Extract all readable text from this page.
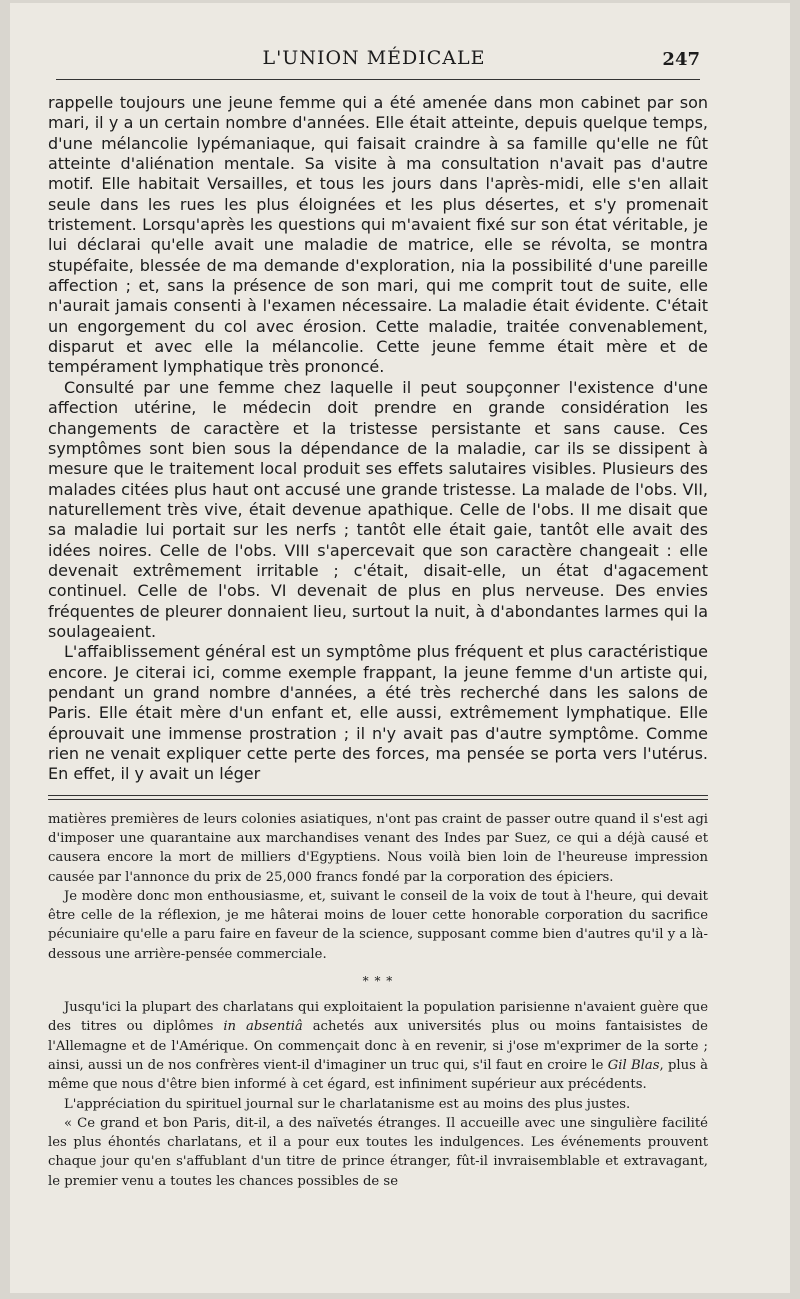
L'UNION MÉDICALE	247

rappelle toujours une jeune femme qui a été amenée dans mon cabinet par son mari, il y a un certain nombre d'années. Elle était atteinte, depuis quelque temps, d'une mélancolie lypémaniaque, qui faisait craindre à sa famille qu'elle ne fût atteinte d'aliénation mentale. Sa visite à ma consultation n'avait pas d'autre motif. Elle habitait Versailles, et tous les jours dans l'après-midi, elle s'en allait seule dans les rues les plus éloignées et les plus désertes, et s'y promenait tristement. Lorsqu'après les questions qui m'avaient fixé sur son état véritable, je lui déclarai qu'elle avait une maladie de matrice, elle se révolta, se montra stupéfaite, blessée de ma demande d'exploration, nia la possibilité d'une pareille affection ; et, sans la présence de son mari, qui me comprit tout de suite, elle n'aurait jamais consenti à l'examen nécessaire. La maladie était évidente. C'était un engorgement du col avec érosion. Cette maladie, traitée convenablement, disparut et avec elle la mélancolie. Cette jeune femme était mère et de tempérament lymphatique très prononcé.

Consulté par une femme chez laquelle il peut soupçonner l'existence d'une affection utérine, le médecin doit prendre en grande considération les changements de caractère et la tristesse persistante et sans cause. Ces symptômes sont bien sous la dépendance de la maladie, car ils se dissipent à mesure que le traitement local produit ses effets salutaires visibles. Plusieurs des malades citées plus haut ont accusé une grande tristesse. La malade de l'obs. VII, naturellement très vive, était devenue apathique. Celle de l'obs. II me disait que sa maladie lui portait sur les nerfs ; tantôt elle était gaie, tantôt elle avait des idées noires. Celle de l'obs. VIII s'apercevait que son caractère changeait : elle devenait extrêmement irritable ; c'était, disait-elle, un état d'agacement continuel. Celle de l'obs. VI devenait de plus en plus nerveuse. Des envies fréquentes de pleurer donnaient lieu, surtout la nuit, à d'abondantes larmes qui la soulageaient.

L'affaiblissement général est un symptôme plus fréquent et plus caractéristique encore. Je citerai ici, comme exemple frappant, la jeune femme d'un artiste qui, pendant un grand nombre d'années, a été très recherché dans les salons de Paris. Elle était mère d'un enfant et, elle aussi, extrêmement lymphatique. Elle éprouvait une immense prostration ; il n'y avait pas d'autre symptôme. Comme rien ne venait expliquer cette perte des forces, ma pensée se porta vers l'utérus. En effet, il y avait un léger

matières premières de leurs colonies asiatiques, n'ont pas craint de passer outre quand il s'est agi d'imposer une quarantaine aux marchandises venant des Indes par Suez, ce qui a déjà causé et causera encore la mort de milliers d'Egyptiens. Nous voilà bien loin de l'heureuse impression causée par l'annonce du prix de 25,000 francs fondé par la corporation des épiciers.

Je modère donc mon enthousiasme, et, suivant le conseil de la voix de tout à l'heure, qui devait être celle de la réflexion, je me hâterai moins de louer cette honorable corporation du sacrifice pécuniaire qu'elle a paru faire en faveur de la science, supposant comme bien d'autres qu'il y a là-dessous une arrière-pensée commerciale.

* * *

Jusqu'ici la plupart des charlatans qui exploitaient la population parisienne n'avaient guère que des titres ou diplômes in absentiâ achetés aux universités plus ou moins fantaisistes de l'Allemagne et de l'Amérique. On commençait donc à en revenir, si j'ose m'exprimer de la sorte ; ainsi, aussi un de nos confrères vient-il d'imaginer un truc qui, s'il faut en croire le Gil Blas, plus à même que nous d'être bien informé à cet égard, est infiniment supérieur aux précédents.

L'appréciation du spirituel journal sur le charlatanisme est au moins des plus justes.

« Ce grand et bon Paris, dit-il, a des naïvetés étranges. Il accueille avec une singulière facilité les plus éhontés charlatans, et il a pour eux toutes les indulgences. Les événements prouvent chaque jour qu'en s'affublant d'un titre de prince étranger, fût-il invraisemblable et extravagant, le premier venu a toutes les chances possibles de se
